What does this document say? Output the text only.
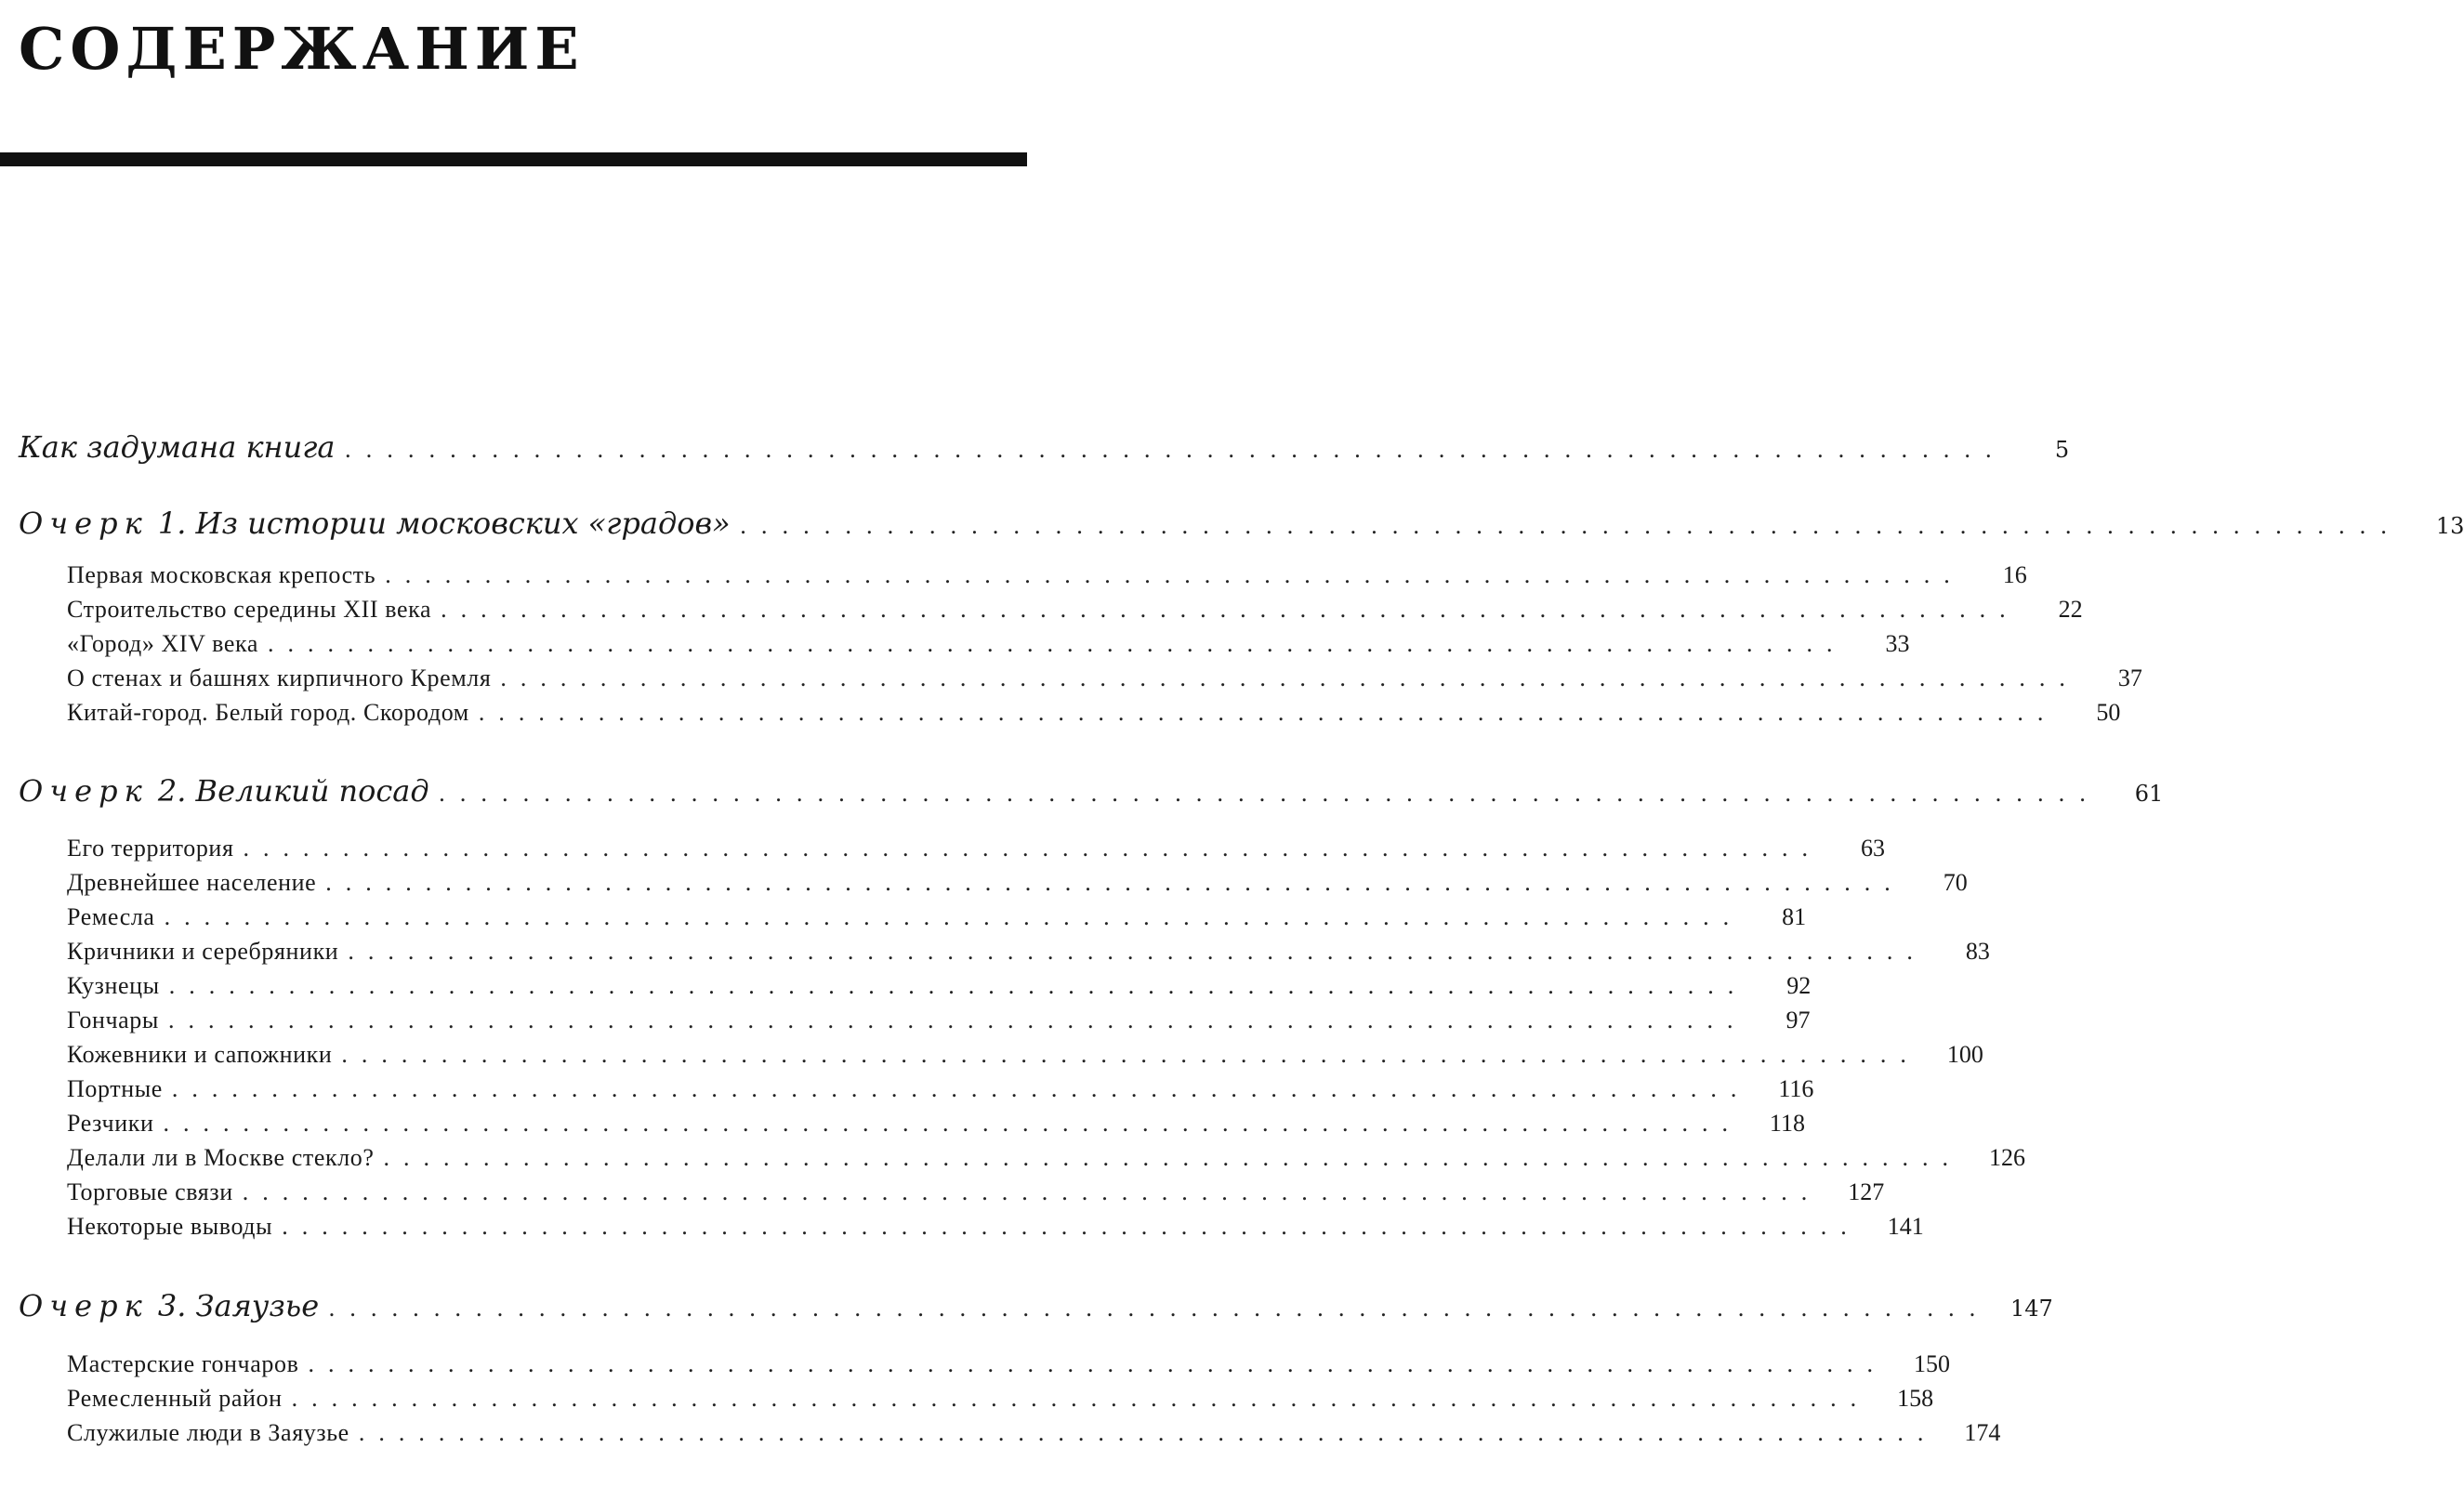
СОДЕРЖАНИЕ
Как задумана книга ...............................................................................	5
Очерк 1. Из истории московских «градов» ...............................................................................	13
Первая московская крепость ...............................................................................	16
Строительство середины XII века ...............................................................................	22
«Город» XIV века ...............................................................................	33
О стенах и башнях кирпичного Кремля ...............................................................................	37
Китай-город. Белый город. Скородом ...............................................................................	50
Очерк 2. Великий посад ...............................................................................	61
Его территория ...............................................................................	63
Древнейшее население ...............................................................................	70
Ремесла ...............................................................................	81
Кричники и серебряники ...............................................................................	83
Кузнецы ...............................................................................	92
Гончары ...............................................................................	97
Кожевники и сапожники ...............................................................................	100
Портные ...............................................................................	116
Резчики ...............................................................................	118
Делали ли в Москве стекло? ...............................................................................	126
Торговые связи ...............................................................................	127
Некоторые выводы ...............................................................................	141
Очерк 3. Заяузье ............................................................................... 147
Мастерские гончаров ...............................................................................	150
Ремесленный район ...............................................................................	158
Служилые люди в Заяузье ...............................................................................	174
